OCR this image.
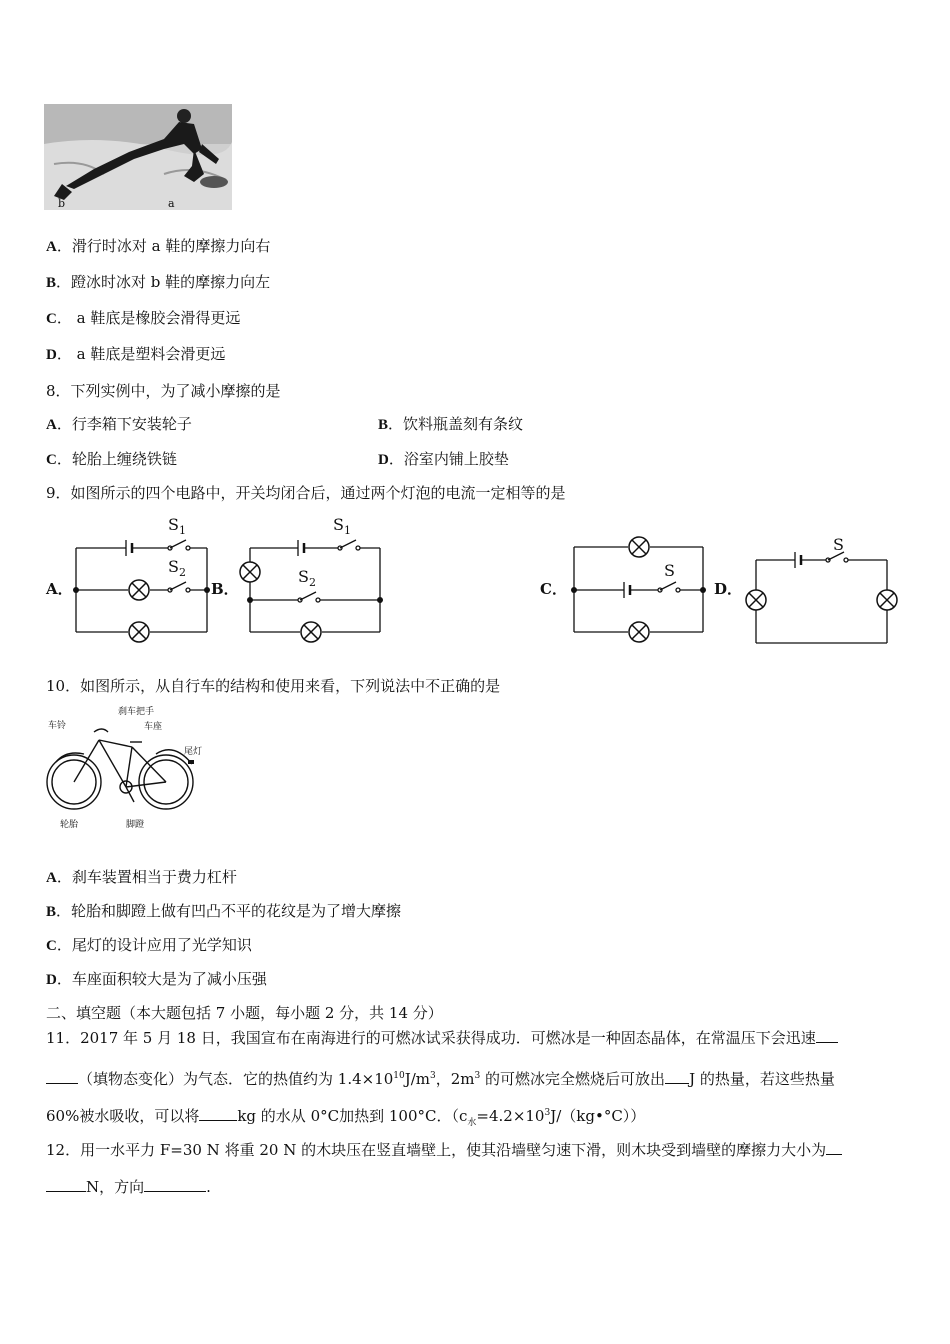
b	a
A．滑行时冰对 a 鞋的摩擦力向右
B．蹬冰时冰对 b 鞋的摩擦力向左
C． a 鞋底是橡胶会滑得更远
D． a 鞋底是塑料会滑更远
8．下列实例中，为了减小摩擦的是
A．行李箱下安装轮子	B．饮料瓶盖刻有条纹
C．轮胎上缠绕铁链	D．浴室内铺上胶垫
9．如图所示的四个电路中，开关均闭合后，通过两个灯泡的电流一定相等的是
A．
$S_1$
$S_2$
B．
$S_1$
$S_2$	C．
S
D．
S
10．如图所示，从自行车的结构和使用来看，下列说法中不正确的是
车铃
刹车把手
车座
尾灯
轮胎	脚蹬
A．刹车装置相当于费力杠杆
B．轮胎和脚蹬上做有凹凸不平的花纹是为了增大摩擦
C．尾灯的设计应用了光学知识
D．车座面积较大是为了减小压强
二、填空题（本大题包括 7 小题，每小题 2 分，共 14 分）
11．2017 年 5 月 18 日，我国宣布在南海进行的可燃冰试采获得成功．可燃冰是一种固态晶体，在常温压下会迅速
（填物态变化）为气态．它的热值约为 $1.4\times 10^{10}J/m^3$，$2m^3$ 的可燃冰完全燃烧后可放出 J 的热量，若这些热量
60%被水吸收，可以将	kg 的水从 0°C加热到 100°C．$(c_水=4.2\times 10^3J/(kg•^\circ C))$
12．用一水平力 F=30 N 将重 20 N 的木块压在竖直墙壁上，使其沿墙壁匀速下滑，则木块受到墙壁的摩擦力大小为
N，方向	.
